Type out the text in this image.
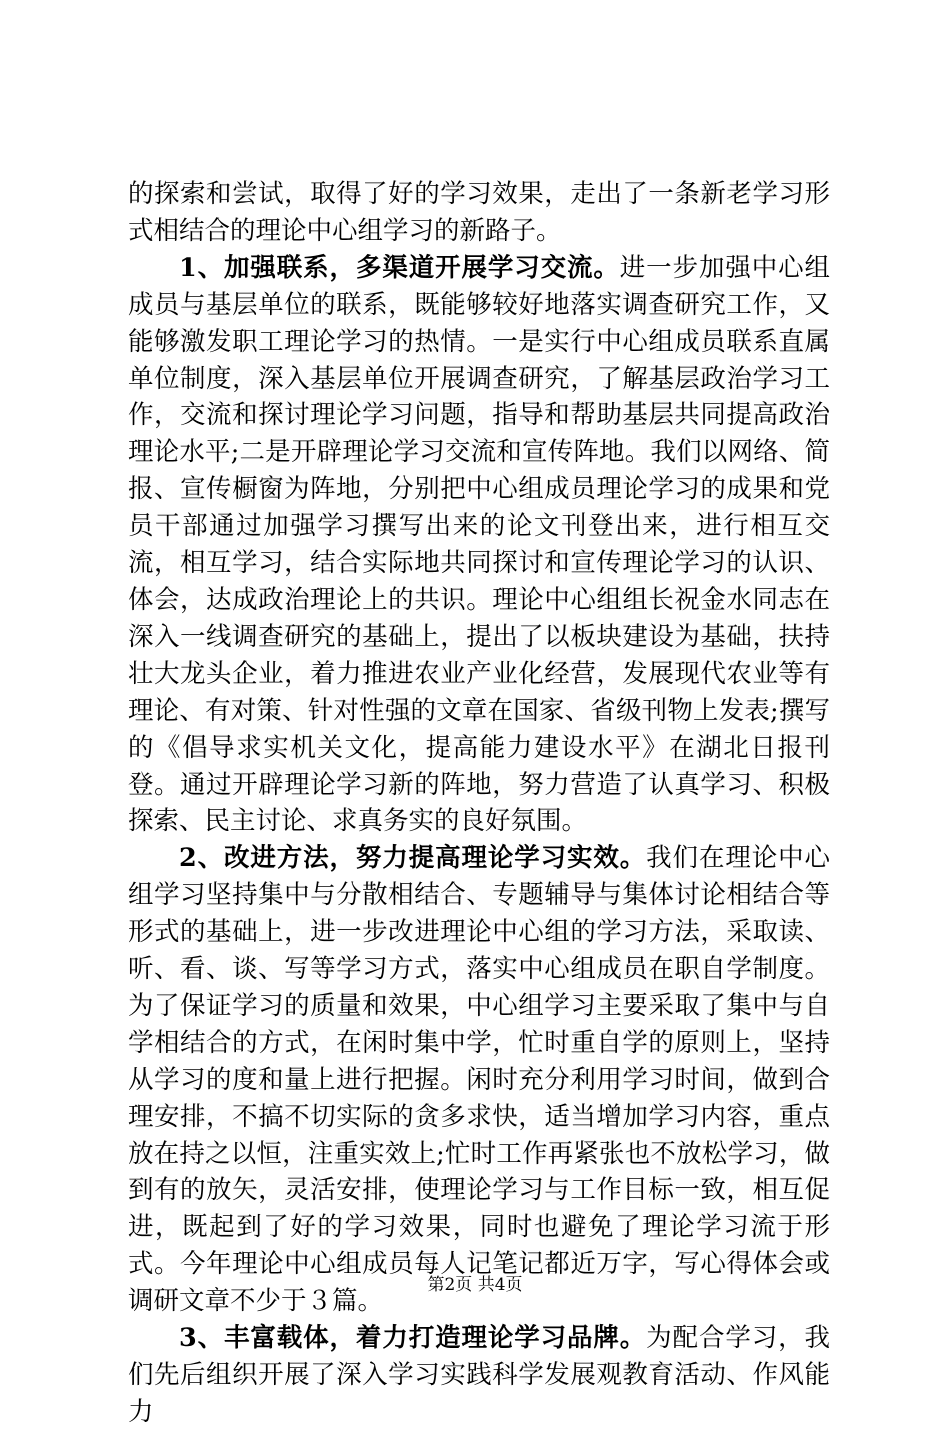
的探索和尝试，取得了好的学习效果，走出了一条新老学习形式相结合的理论中心组学习的新路子。

1、加强联系，多渠道开展学习交流。进一步加强中心组成员与基层单位的联系，既能够较好地落实调查研究工作，又能够激发职工理论学习的热情。一是实行中心组成员联系直属单位制度，深入基层单位开展调查研究，了解基层政治学习工作，交流和探讨理论学习问题，指导和帮助基层共同提高政治理论水平;二是开辟理论学习交流和宣传阵地。我们以网络、简报、宣传橱窗为阵地，分别把中心组成员理论学习的成果和党员干部通过加强学习撰写出来的论文刊登出来，进行相互交流，相互学习，结合实际地共同探讨和宣传理论学习的认识、体会，达成政治理论上的共识。理论中心组组长祝金水同志在深入一线调查研究的基础上，提出了以板块建设为基础，扶持壮大龙头企业，着力推进农业产业化经营，发展现代农业等有理论、有对策、针对性强的文章在国家、省级刊物上发表;撰写的《倡导求实机关文化，提高能力建设水平》在湖北日报刊登。通过开辟理论学习新的阵地，努力营造了认真学习、积极探索、民主讨论、求真务实的良好氛围。

2、改进方法，努力提高理论学习实效。我们在理论中心组学习坚持集中与分散相结合、专题辅导与集体讨论相结合等形式的基础上，进一步改进理论中心组的学习方法，采取读、听、看、谈、写等学习方式，落实中心组成员在职自学制度。为了保证学习的质量和效果，中心组学习主要采取了集中与自学相结合的方式，在闲时集中学，忙时重自学的原则上，坚持从学习的度和量上进行把握。闲时充分利用学习时间，做到合理安排，不搞不切实际的贪多求快，适当增加学习内容，重点放在持之以恒，注重实效上;忙时工作再紧张也不放松学习，做到有的放矢，灵活安排，使理论学习与工作目标一致，相互促进，既起到了好的学习效果，同时也避免了理论学习流于形式。今年理论中心组成员每人记笔记都近万字，写心得体会或调研文章不少于３篇。

3、丰富载体，着力打造理论学习品牌。为配合学习，我们先后组织开展了深入学习实践科学发展观教育活动、作风能力

第2页 共4页
